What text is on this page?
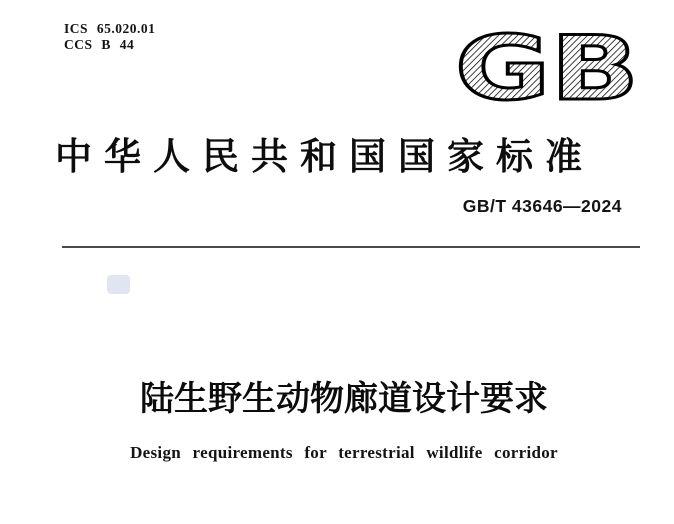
ICS 65.020.01
CCS B 44	GB
中华人民共和国国家标准
GB/T 43646—2024
陆生野生动物廊道设计要求
Design requirements for terrestrial wildlife corridor
